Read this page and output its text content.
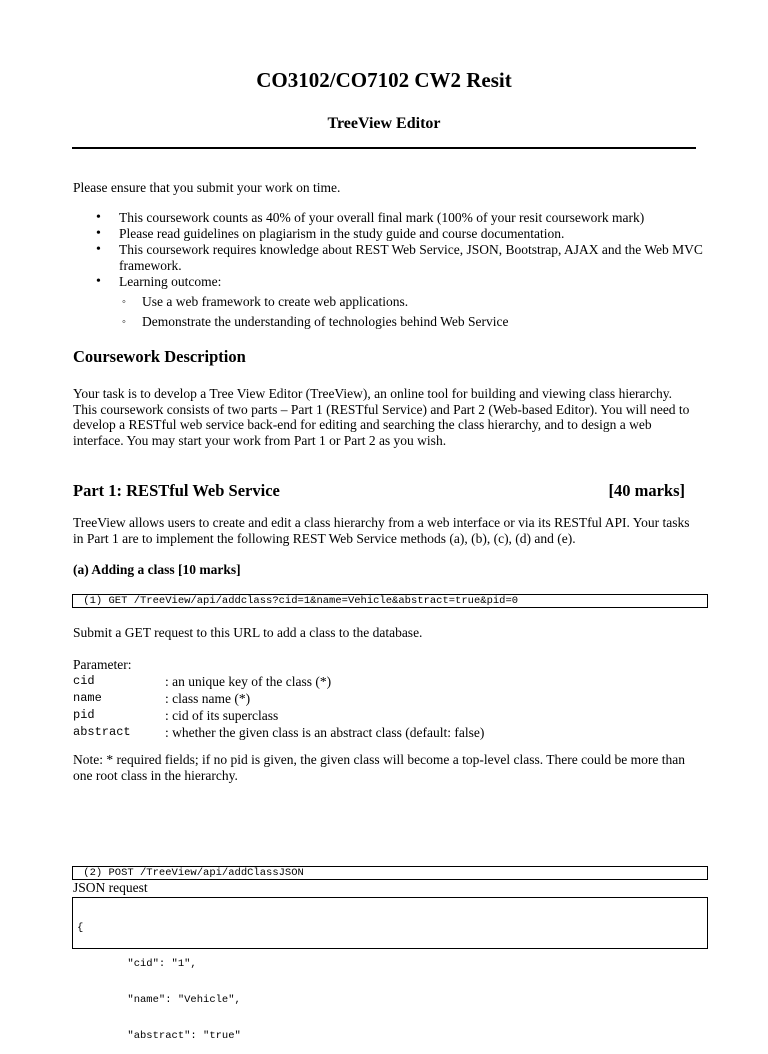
CO3102/CO7102 CW2 Resit
TreeView Editor
Please ensure that you submit your work on time.
• This coursework counts as 40% of your overall final mark (100% of your resit coursework mark)
• Please read guidelines on plagiarism in the study guide and course documentation.
• This coursework requires knowledge about REST Web Service, JSON, Bootstrap, AJAX and the Web MVC framework.
• Learning outcome:
◦ Use a web framework to create web applications.
◦ Demonstrate the understanding of technologies behind Web Service
Coursework Description
Your task is to develop a Tree View Editor (TreeView), an online tool for building and viewing class hierarchy. This coursework consists of two parts – Part 1 (RESTful Service) and Part 2 (Web-based Editor). You will need to develop a RESTful web service back-end for editing and searching the class hierarchy, and to design a web interface. You may start your work from Part 1 or Part 2 as you wish.
Part 1: RESTful Web Service	[40 marks]
TreeView allows users to create and edit a class hierarchy from a web interface or via its RESTful API. Your tasks in Part 1 are to implement the following REST Web Service methods (a), (b), (c), (d) and (e).
(a) Adding a class [10 marks]
(1) GET /TreeView/api/addclass?cid=1&name=Vehicle&abstract=true&pid=0
Submit a GET request to this URL to add a class to the database.
Parameter:
cid	: an unique key of the class (*)
name	: class name (*)
pid	: cid of its superclass
abstract	: whether the given class is an abstract class (default: false)
Note: * required fields; if no pid is given, the given class will become a top-level class. There could be more than one root class in the hierarchy.
(2) POST /TreeView/api/addClassJSON
JSON request

{

"cid": "1",

"name": "Vehicle",

"abstract": "true"
